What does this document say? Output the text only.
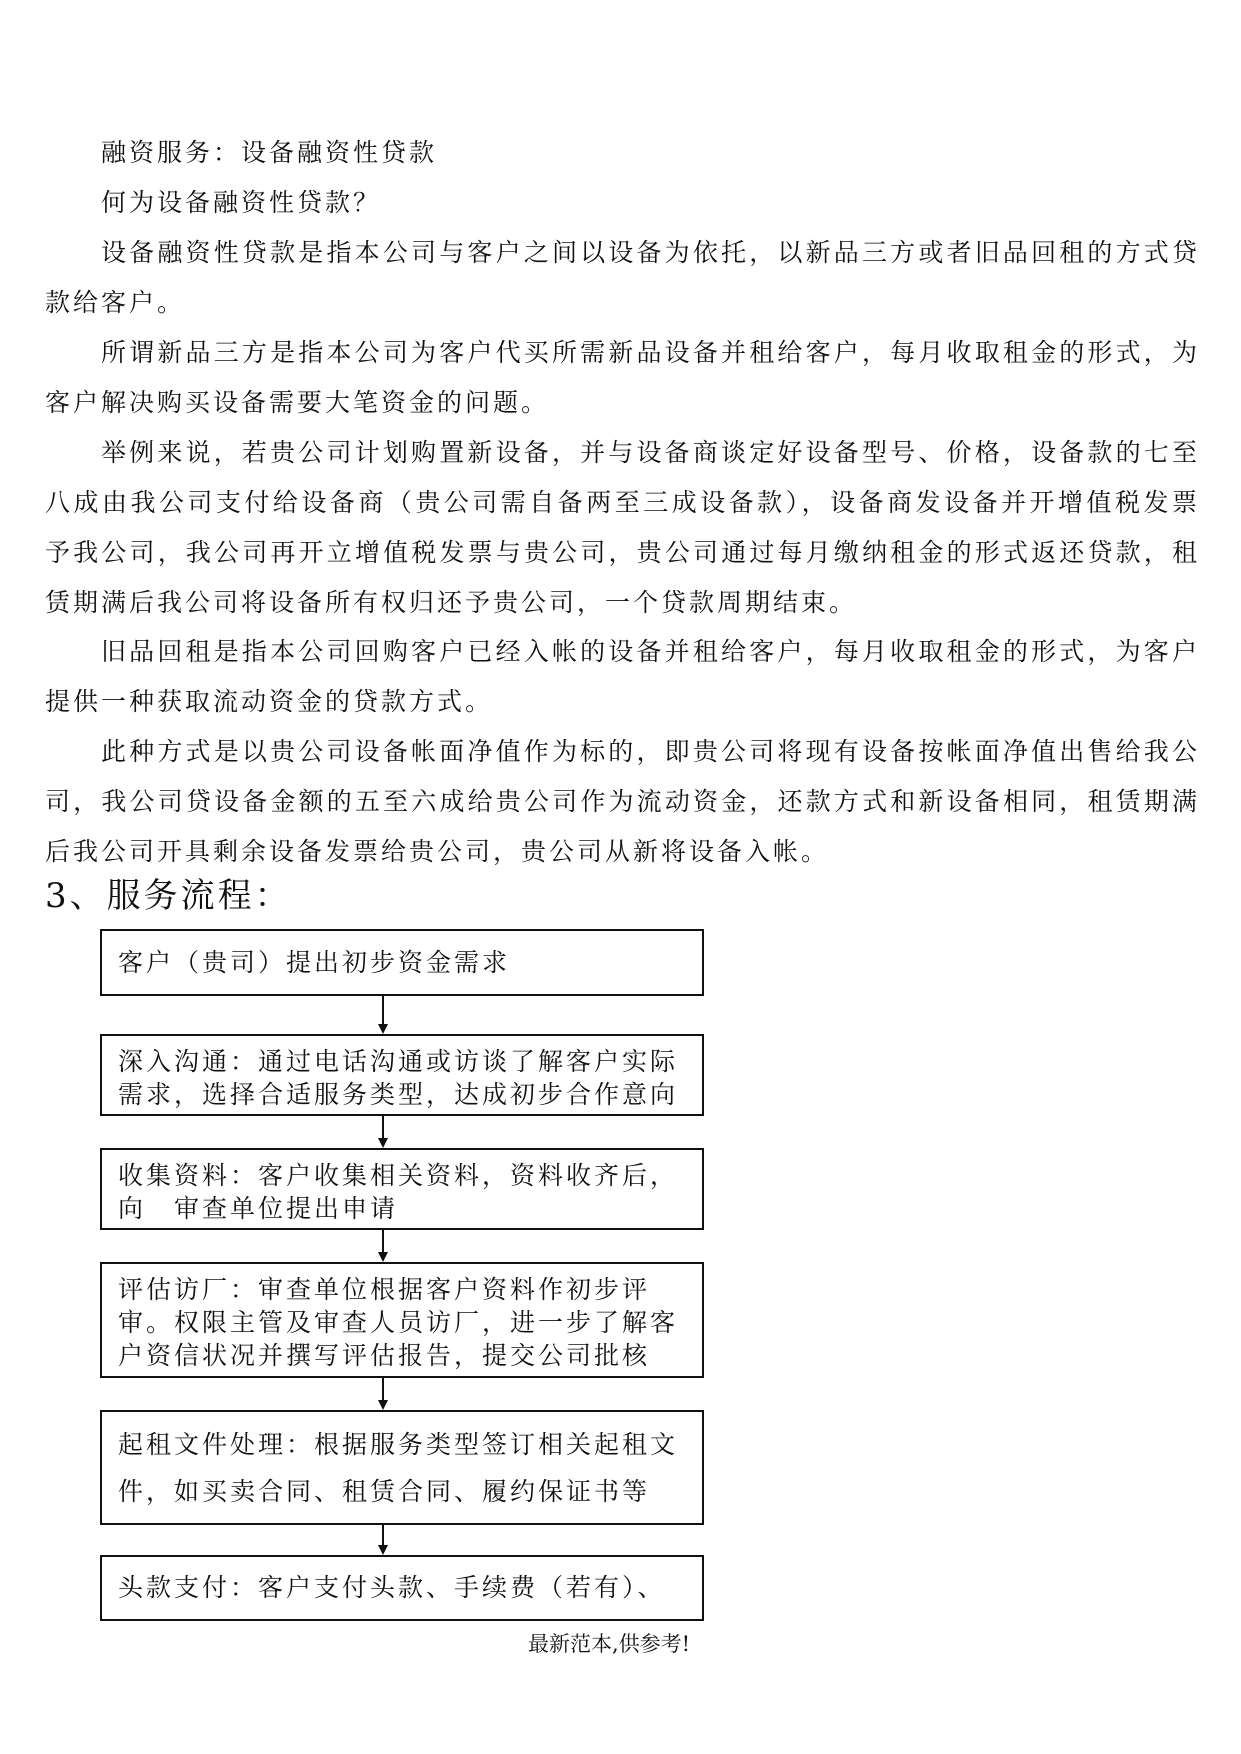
融资服务：设备融资性贷款

何为设备融资性贷款？

设备融资性贷款是指本公司与客户之间以设备为依托，以新品三方或者旧品回租的方式贷款给客户。

所谓新品三方是指本公司为客户代买所需新品设备并租给客户，每月收取租金的形式，为客户解决购买设备需要大笔资金的问题。

举例来说，若贵公司计划购置新设备，并与设备商谈定好设备型号、价格，设备款的七至八成由我公司支付给设备商（贵公司需自备两至三成设备款），设备商发设备并开增值税发票予我公司，我公司再开立增值税发票与贵公司，贵公司通过每月缴纳租金的形式返还贷款，租赁期满后我公司将设备所有权归还予贵公司，一个贷款周期结束。

旧品回租是指本公司回购客户已经入帐的设备并租给客户，每月收取租金的形式，为客户提供一种获取流动资金的贷款方式。

此种方式是以贵公司设备帐面净值作为标的，即贵公司将现有设备按帐面净值出售给我公司，我公司贷设备金额的五至六成给贵公司作为流动资金，还款方式和新设备相同，租赁期满后我公司开具剩余设备发票给贵公司，贵公司从新将设备入帐。

3、服务流程：
客户（贵司）提出初步资金需求
深入沟通：通过电话沟通或访谈了解客户实际需求，选择合适服务类型，达成初步合作意向
收集资料：客户收集相关资料，资料收齐后，向　审查单位提出申请
评估访厂：审查单位根据客户资料作初步评审。权限主管及审查人员访厂，进一步了解客户资信状况并撰写评估报告，提交公司批核
起租文件处理：根据服务类型签订相关起租文件，如买卖合同、租赁合同、履约保证书等
头款支付：客户支付头款、手续费（若有）、
最新范本,供参考!
